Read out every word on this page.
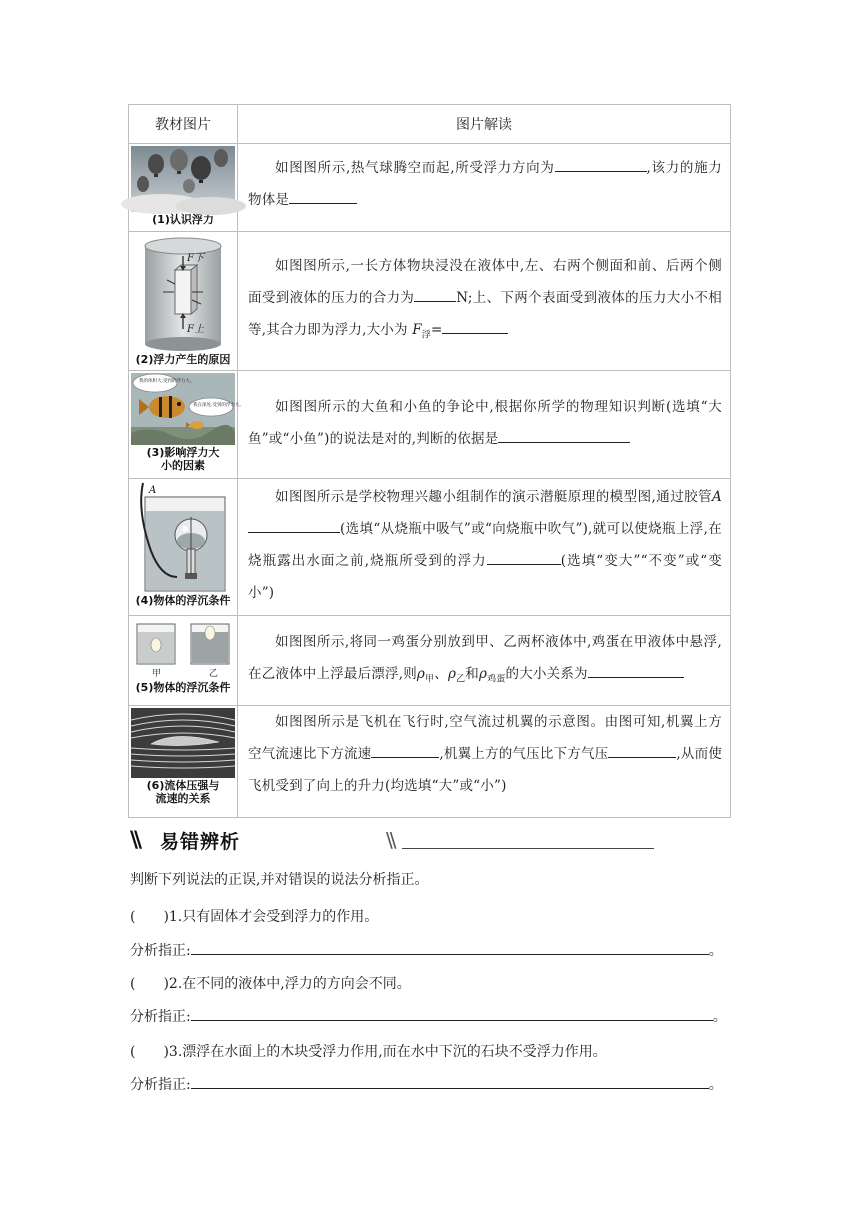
教材图片	图片解读

(1)认识浮力	如图图所示,热气球腾空而起,所受浮力方向为 ,该力的施力物体是

F下
F上
(2)浮力产生的原因	如图图所示,一长方体物块浸没在液体中,左、右两个侧面和前、后两个侧面受到液体的压力的合力为 N;上、下两个表面受到液体的压力大小不相等,其合力即为浮力,大小为 $F_浮=$

我的体积大,受到的浮力大。
我在深处,受到的浮力大。
(3)影响浮力大
小的因素	如图图所示的大鱼和小鱼的争论中,根据你所学的物理知识判断(选填“大鱼”或“小鱼”)的说法是对的,判断的依据是

A
(4)物体的浮沉条件	如图图所示是学校物理兴趣小组制作的演示潜艇原理的模型图,通过胶管A(选填“从烧瓶中吸气”或“向烧瓶中吹气”),就可以使烧瓶上浮,在烧瓶露出水面之前,烧瓶所受到的浮力 (选填“变大”“不变”或“变小”)

甲 乙
(5)物体的浮沉条件	如图图所示,将同一鸡蛋分别放到甲、乙两杯液体中,鸡蛋在甲液体中悬浮,在乙液体中上浮最后漂浮,则$\rho_甲$、$\rho_乙$和$\rho_{鸡蛋}$的大小关系为

(6)流体压强与
流速的关系	如图图所示是飞机在飞行时,空气流过机翼的示意图。由图可知,机翼上方空气流速比下方流速 ,机翼上方的气压比下方气压 ,从而使飞机受到了向上的升力(均选填“大”或“小”)
\\ 易错辨析	\\
判断下列说法的正误,并对错误的说法分析指正。
( )1.只有固体才会受到浮力的作用。
分析指正:	。
( )2.在不同的液体中,浮力的方向会不同。
分析指正:	。
( )3.漂浮在水面上的木块受浮力作用,而在水中下沉的石块不受浮力作用。
分析指正:	。
